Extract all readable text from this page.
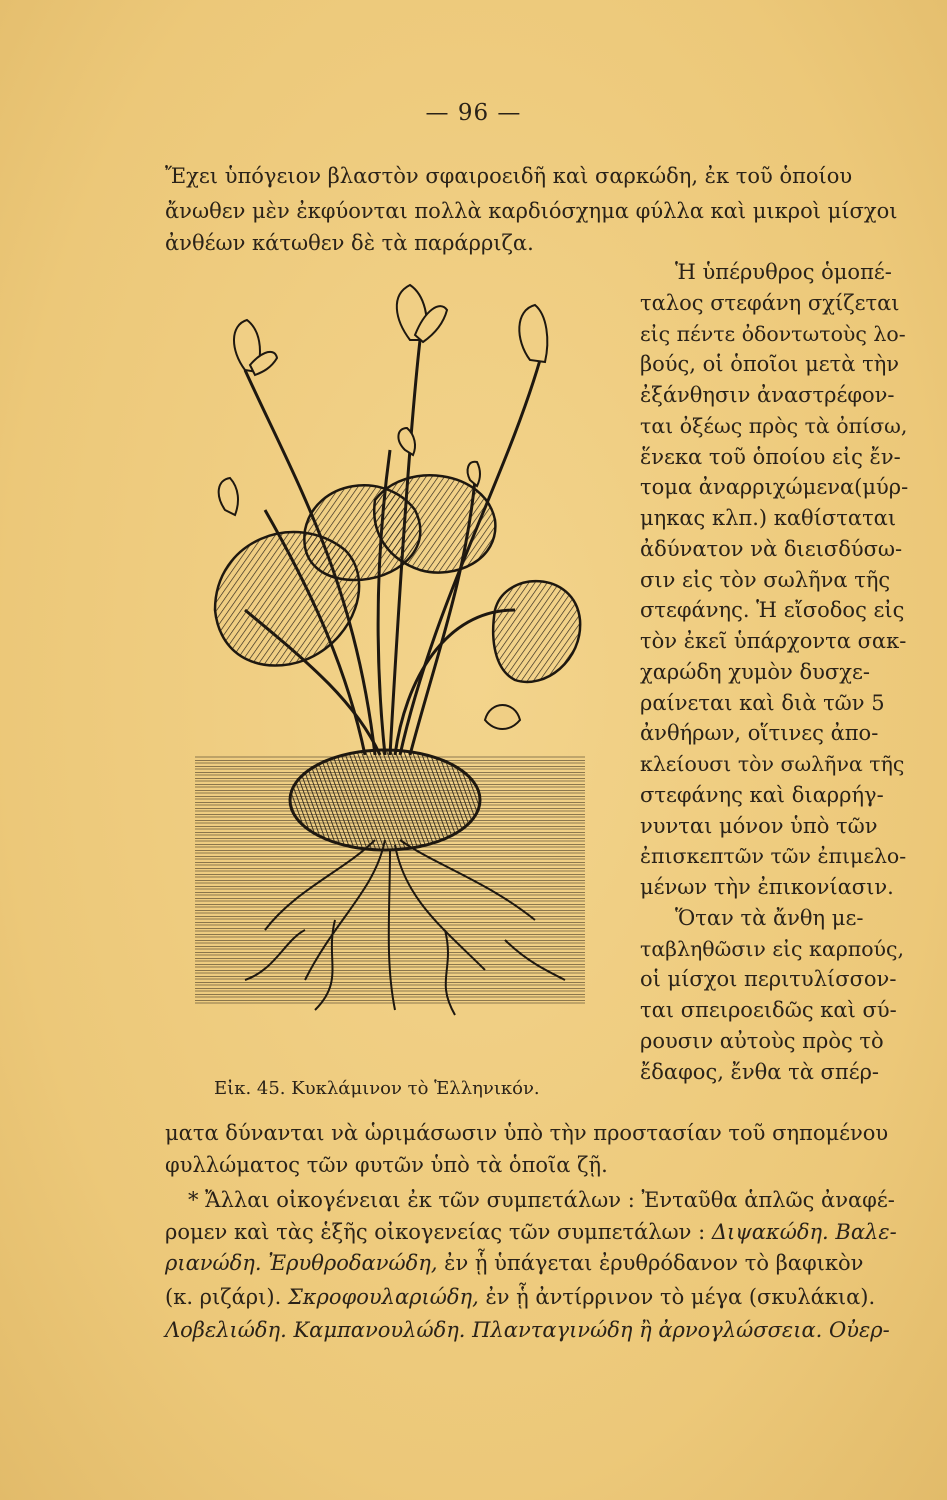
— 96 —
Ἔχει ὑπόγειον βλαστὸν σφαιροειδῆ καὶ σαρκώδη, ἐκ τοῦ ὁποίου
ἄνωθεν μὲν ἐκφύονται πολλὰ καρδιόσχημα φύλλα καὶ μικροὶ μίσχοι
ἀνθέων κάτωθεν δὲ τὰ παράρριζα.
Ἡ ὑπέρυθρος ὁμοπέ-
ταλος στεφάνη σχίζεται
εἰς πέντε ὀδοντωτοὺς λο-
βούς, οἱ ὁποῖοι μετὰ τὴν
ἐξάνθησιν ἀναστρέφον-
ται ὀξέως πρὸς τὰ ὀπίσω,
ἕνεκα τοῦ ὁποίου εἰς ἔν-
τομα ἀναρριχώμενα(μύρ-
μηκας κλπ.) καθίσταται
ἀδύνατον νὰ διεισδύσω-
σιν εἰς τὸν σωλῆνα τῆς
στεφάνης. Ἡ εἴσοδος εἰς
τὸν ἐκεῖ ὑπάρχοντα σακ-
χαρώδη χυμὸν δυσχε-
ραίνεται καὶ διὰ τῶν 5
ἀνθήρων, οἵτινες ἀπο-
κλείουσι τὸν σωλῆνα τῆς
στεφάνης καὶ διαρρήγ-
νυνται μόνον ὑπὸ τῶν
ἐπισκεπτῶν τῶν ἐπιμελο-
μένων τὴν ἐπικονίασιν.
Ὅταν τὰ ἄνθη με-
ταβληθῶσιν εἰς καρπούς,
οἱ μίσχοι περιτυλίσσον-
ται σπειροειδῶς καὶ σύ-
ρουσιν αὐτοὺς πρὸς τὸ
ἔδαφος, ἔνθα τὰ σπέρ-
Εἰκ. 45. Κυκλάμινον τὸ Ἑλληνικόν.
ματα δύνανται νὰ ὡριμάσωσιν ὑπὸ τὴν προστασίαν τοῦ σηπομένου
φυλλώματος τῶν φυτῶν ὑπὸ τὰ ὁποῖα ζῇ.
* Ἄλλαι οἰκογένειαι ἐκ τῶν συμπετάλων : Ἐνταῦθα ἁπλῶς ἀναφέ-
ρομεν καὶ τὰς ἑξῆς οἰκογενείας τῶν συμπετάλων : Διψακώδη. Βαλε-
ριανώδη. Ἐρυθροδανώδη, ἐν ᾗ ὑπάγεται ἐρυθρόδανον τὸ βαφικὸν
(κ. ριζάρι). Σκροφουλαριώδη, ἐν ᾗ ἀντίρρινον τὸ μέγα (σκυλάκια).
Λοβελιώδη. Καμπανουλώδη. Πλανταγινώδη ἢ ἀρνογλώσσεια. Οὐερ-
